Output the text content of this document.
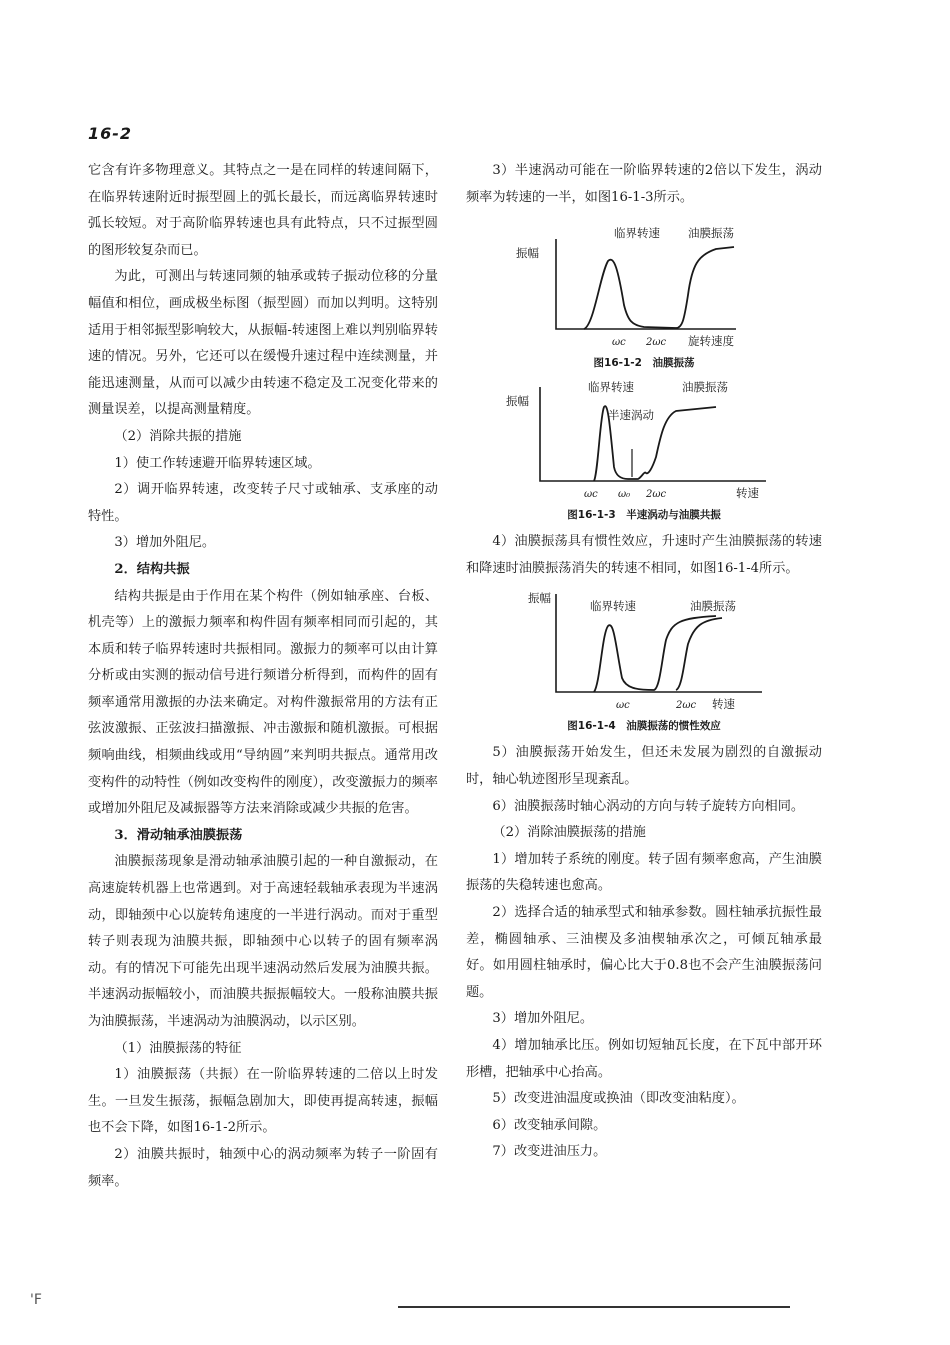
16-2

它含有许多物理意义。其特点之一是在同样的转速间隔下，在临界转速附近时振型圆上的弧长最长，而远离临界转速时弧长较短。对于高阶临界转速也具有此特点，只不过振型圆的图形较复杂而已。

为此，可测出与转速同频的轴承或转子振动位移的分量幅值和相位，画成极坐标图（振型圆）而加以判明。这特别适用于相邻振型影响较大，从振幅-转速图上难以判别临界转速的情况。另外，它还可以在缓慢升速过程中连续测量，并能迅速测量，从而可以减少由转速不稳定及工况变化带来的测量误差，以提高测量精度。

（2）消除共振的措施

1）使工作转速避开临界转速区域。

2）调开临界转速，改变转子尺寸或轴承、支承座的动特性。

3）增加外阻尼。

2．结构共振

结构共振是由于作用在某个构件（例如轴承座、台板、机壳等）上的激振力频率和构件固有频率相同而引起的，其本质和转子临界转速时共振相同。激振力的频率可以由计算分析或由实测的振动信号进行频谱分析得到，而构件的固有频率通常用激振的办法来确定。对构件激振常用的方法有正弦波激振、正弦波扫描激振、冲击激振和随机激振。可根据频响曲线，相频曲线或用“导纳圆”来判明共振点。通常用改变构件的动特性（例如改变构件的刚度），改变激振力的频率或增加外阻尼及减振器等方法来消除或减少共振的危害。

3．滑动轴承油膜振荡

油膜振荡现象是滑动轴承油膜引起的一种自激振动，在高速旋转机器上也常遇到。对于高速轻载轴承表现为半速涡动，即轴颈中心以旋转角速度的一半进行涡动。而对于重型转子则表现为油膜共振，即轴颈中心以转子的固有频率涡动。有的情况下可能先出现半速涡动然后发展为油膜共振。半速涡动振幅较小，而油膜共振振幅较大。一般称油膜共振为油膜振荡，半速涡动为油膜涡动，以示区别。

（1）油膜振荡的特征

1）油膜振荡（共振）在一阶临界转速的二倍以上时发生。一旦发生振荡，振幅急剧加大，即使再提高转速，振幅也不会下降，如图16-1-2所示。

2）油膜共振时，轴颈中心的涡动频率为转子一阶固有频率。

3）半速涡动可能在一阶临界转速的2倍以下发生，涡动频率为转速的一半，如图16-1-3所示。

振幅
临界转速 油膜振荡
ωc 2ωc 旋转速度
图16-1-2　油膜振荡
振幅
临界转速	油膜振荡
半速涡动
ωc ω₀ 2ωc	转速
图16-1-3　半速涡动与油膜共振

4）油膜振荡具有惯性效应，升速时产生油膜振荡的转速和降速时油膜振荡消失的转速不相同，如图16-1-4所示。

振幅
临界转速	油膜振荡
ωc	2ωc 转速
图16-1-4　油膜振荡的惯性效应

5）油膜振荡开始发生，但还未发展为剧烈的自激振动时，轴心轨迹图形呈现紊乱。

6）油膜振荡时轴心涡动的方向与转子旋转方向相同。

（2）消除油膜振荡的措施

1）增加转子系统的刚度。转子固有频率愈高，产生油膜振荡的失稳转速也愈高。

2）选择合适的轴承型式和轴承参数。圆柱轴承抗振性最差，椭圆轴承、三油楔及多油楔轴承次之，可倾瓦轴承最好。如用圆柱轴承时，偏心比大于0.8也不会产生油膜振荡问题。

3）增加外阻尼。

4）增加轴承比压。例如切短轴瓦长度，在下瓦中部开环形槽，把轴承中心抬高。

5）改变进油温度或换油（即改变油粘度）。

6）改变轴承间隙。

7）改变进油压力。

'F
